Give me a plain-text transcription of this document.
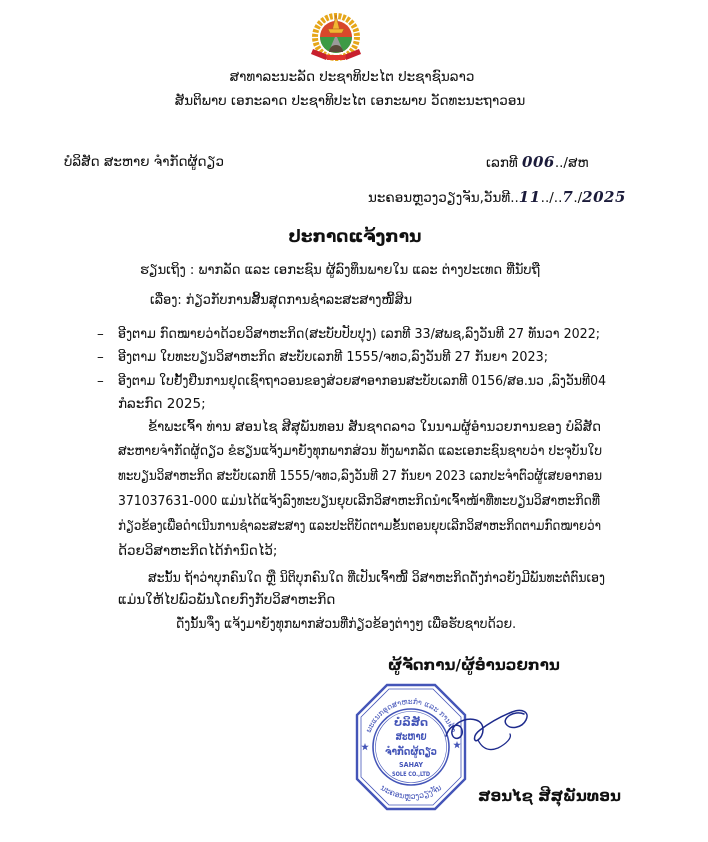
ສາທາລະນະລັດ ປະຊາທິປະໄຕ ປະຊາຊົນລາວ
ສັນຕິພາບ ເອກະລາດ ປະຊາທິປະໄຕ ເອກະພາບ ວັດທະນະຖາວອນ
ບໍລິສັດ ສະຫາຍ ຈຳກັດຜູ້ດຽວ	ເລກທີ 006../ສຫ
ນະຄອນຫຼວງວຽງຈັນ,ວັນທີ..11../..7./2025
ປະກາດແຈ້ງການ
ຮຽນເຖິງ : ພາກລັດ ແລະ ເອກະຊົນ ຜູ້ລົງທຶນພາຍໃນ ແລະ ຕ່າງປະເທດ ທີ່ນັບຖື
ເລື່ອງ: ກ່ຽວກັບການສິ້ນສຸດການຊຳລະສະສາງໜີ້ສິນ
– ອີງຕາມ ກົດໝາຍວ່າດ້ວຍວິສາຫະກິດ(ສະບັບປັບປຸງ) ເລກທີ 33/ສພຊ,ລົງວັນທີ 27 ທັນວາ 2022;
– ອີງຕາມ ໃບທະບຽນວິສາຫະກິດ ສະບັບເລກທີ 1555/ຈທວ,ລົງວັນທີ 27 ກັນຍາ 2023;
– ອີງຕາມ ໃບຢັ້ງຢືນການຢຸດເຊົາຖາວອນຂອງສ່ວຍສາອາກອນສະບັບເລກທີ 0156/ສອ.ນວ ,ລົງວັນທີ04
ກໍລະກົດ 2025;
ຂ້າພະເຈົ້າ ທ່ານ ສອນໄຊ ສີສຸພັນທອນ ສັນຊາດລາວ ໃນນາມຜູ້ອຳນວຍການຂອງ ບໍລິສັດ
ສະຫາຍຈຳກັດຜູ້ດຽວ ຂໍຮຽນແຈ້ງມາຍັງທຸກພາກສ່ວນ ທັງພາກລັດ ແລະເອກະຊົນຊາບວ່າ ປະຈຸບັນໃບ
ທະບຽນວິສາຫະກິດ ສະບັບເລກທີ 1555/ຈທວ,ລົງວັນທີ 27 ກັນຍາ 2023 ເລກປະຈຳຕົວຜູ້ເສຍອາກອນ
371037631-000 ແມ່ນໄດ້ແຈ້ງລົງທະບຽນຍຸບເລີກວິສາຫະກິດນຳເຈົ້າໜ້າທີ່ທະບຽນວິສາຫະກິດທີ່
ກ່ຽວຂ້ອງເພື່ອດຳເນີນການຊຳລະສະສາງ ແລະປະຕິບັດຕາມຂັ້ນຕອນຍຸບເລີກວິສາຫະກິດຕາມກົດໝາຍວ່າ
ດ້ວຍວິສາຫະກິດໄດ້ກຳນົດໄວ້;
ສະນັ້ນ ຖ້າວ່າບຸກຄົນໃດ ຫຼື ນິຕິບຸກຄົນໃດ ທີ່ເປັນເຈົ້າໜີ້ ວິສາຫະກິດດັ່ງກ່າວຍັງມີພັນທະຕໍ່ຕົນເອງ
ແມ່ນໃຫ້ໄປພົວພັນໂດຍກົງກັບວິສາຫະກິດ
ດັ່ງນັ້ນຈຶ່ງ ແຈ້ງມາຍັງທຸກພາກສ່ວນທີ່ກ່ຽວຂ້ອງຕ່າງໆ ເພື່ອຮັບຊາບດ້ວຍ.
ຜູ້ຈັດການ/ຜູ້ອຳນວຍການ
ພະແນກອຸດສາຫະກຳ ແລະ ການຄ້າ
ນະຄອນຫຼວງວຽງຈັນ
ບໍລິສັດ
ສະຫາຍ
ຈຳກັດຜູ້ດຽວ
SAHAY
SOLE CO.,LTD
ສອນໄຊ ສີສຸພັນທອນ
